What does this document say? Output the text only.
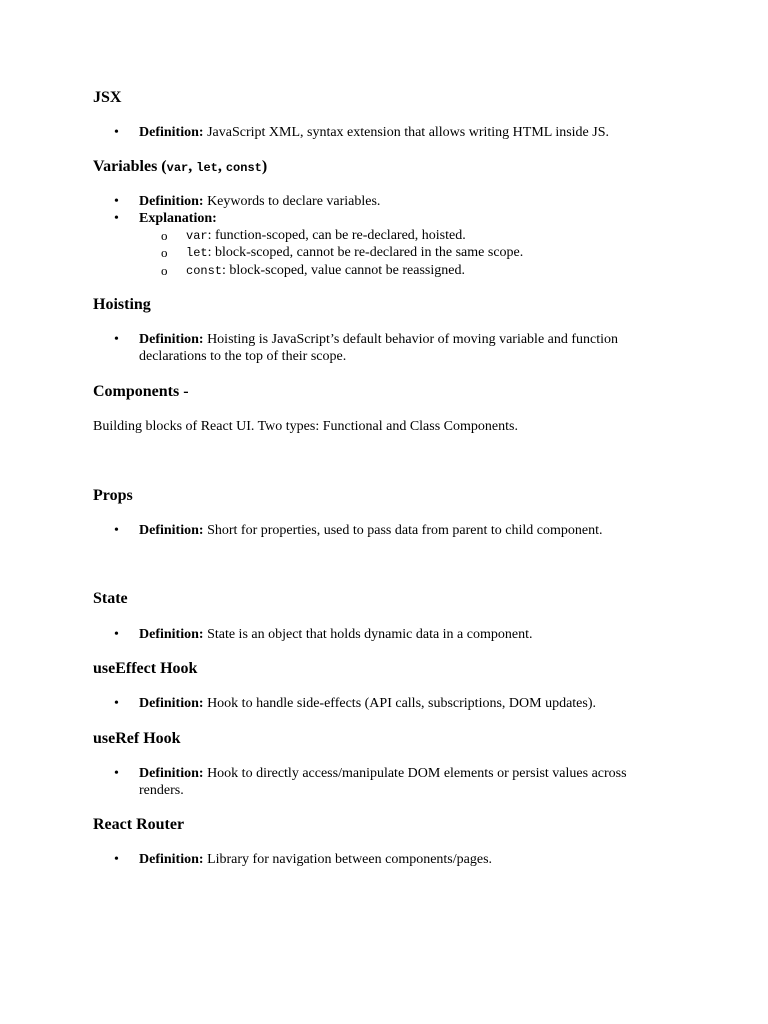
JSX
• Definition: JavaScript XML, syntax extension that allows writing HTML inside JS.
Variables (var, let, const)
• Definition: Keywords to declare variables.
• Explanation:
o var: function-scoped, can be re-declared, hoisted.
o let: block-scoped, cannot be re-declared in the same scope.
o const: block-scoped, value cannot be reassigned.
Hoisting
• Definition: Hoisting is JavaScript’s default behavior of moving variable and function declarations to the top of their scope.
Components -

Building blocks of React UI. Two types: Functional and Class Components.

Props
• Definition: Short for properties, used to pass data from parent to child component.
State
• Definition: State is an object that holds dynamic data in a component.
useEffect Hook
• Definition: Hook to handle side-effects (API calls, subscriptions, DOM updates).
useRef Hook
• Definition: Hook to directly access/manipulate DOM elements or persist values across renders.
React Router
• Definition: Library for navigation between components/pages.
